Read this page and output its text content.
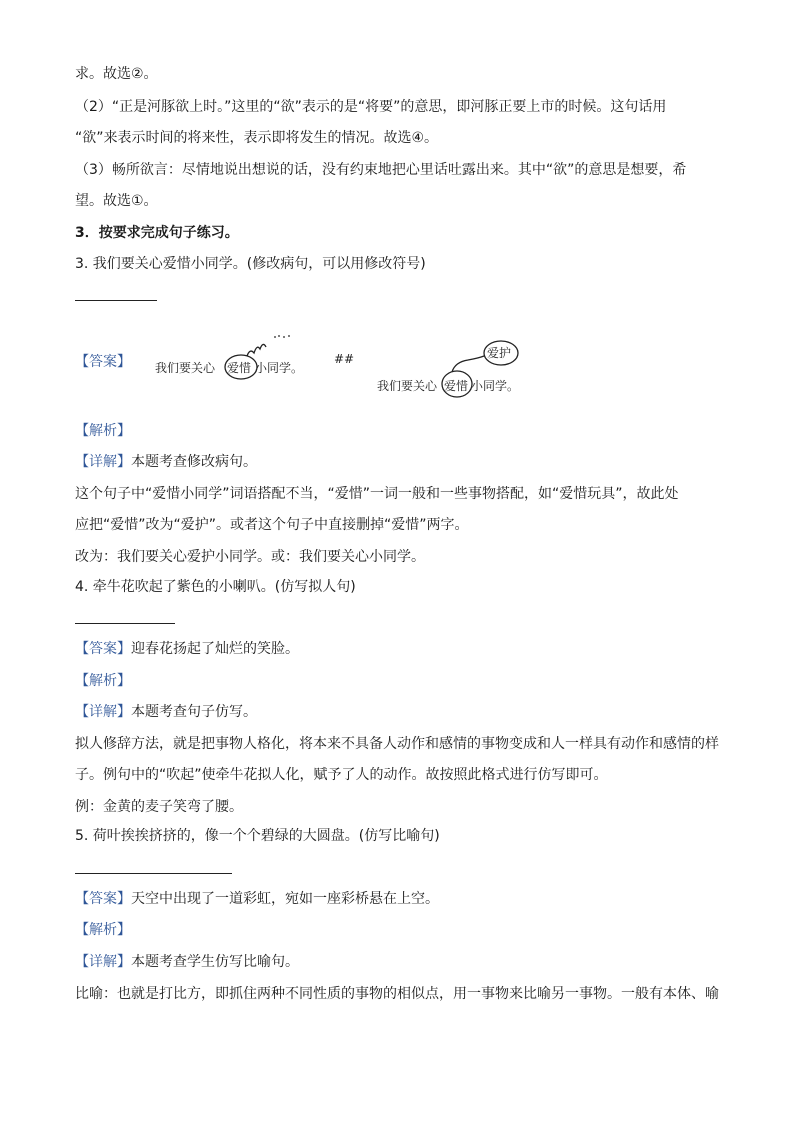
求。故选②。
（2）“正是河豚欲上时。”这里的“欲”表示的是“将要”的意思，即河豚正要上市的时候。这句话用
“欲”来表示时间的将来性，表示即将发生的情况。故选④。
（3）畅所欲言：尽情地说出想说的话，没有约束地把心里话吐露出来。其中“欲”的意思是想要，希
望。故选①。
3．按要求完成句子练习。
3. 我们要关心爱惜小同学。(修改病句，可以用修改符号)
【答案】 我们要关心 爱惜 小同学。
##
我们要关心 爱惜 小同学。
爱护
【解析】
【详解】本题考查修改病句。
这个句子中“爱惜小同学”词语搭配不当，“爱惜”一词一般和一些事物搭配，如“爱惜玩具”，故此处
应把“爱惜”改为“爱护”。或者这个句子中直接删掉“爱惜”两字。
改为：我们要关心爱护小同学。或：我们要关心小同学。
4. 牵牛花吹起了紫色的小喇叭。(仿写拟人句)
【答案】迎春花扬起了灿烂的笑脸。
【解析】
【详解】本题考查句子仿写。
拟人修辞方法，就是把事物人格化，将本来不具备人动作和感情的事物变成和人一样具有动作和感情的样
子。例句中的“吹起”使牵牛花拟人化，赋予了人的动作。故按照此格式进行仿写即可。
例：金黄的麦子笑弯了腰。
5. 荷叶挨挨挤挤的，像一个个碧绿的大圆盘。(仿写比喻句)
【答案】天空中出现了一道彩虹，宛如一座彩桥悬在上空。
【解析】
【详解】本题考查学生仿写比喻句。
比喻：也就是打比方，即抓住两种不同性质的事物的相似点，用一事物来比喻另一事物。一般有本体、喻
